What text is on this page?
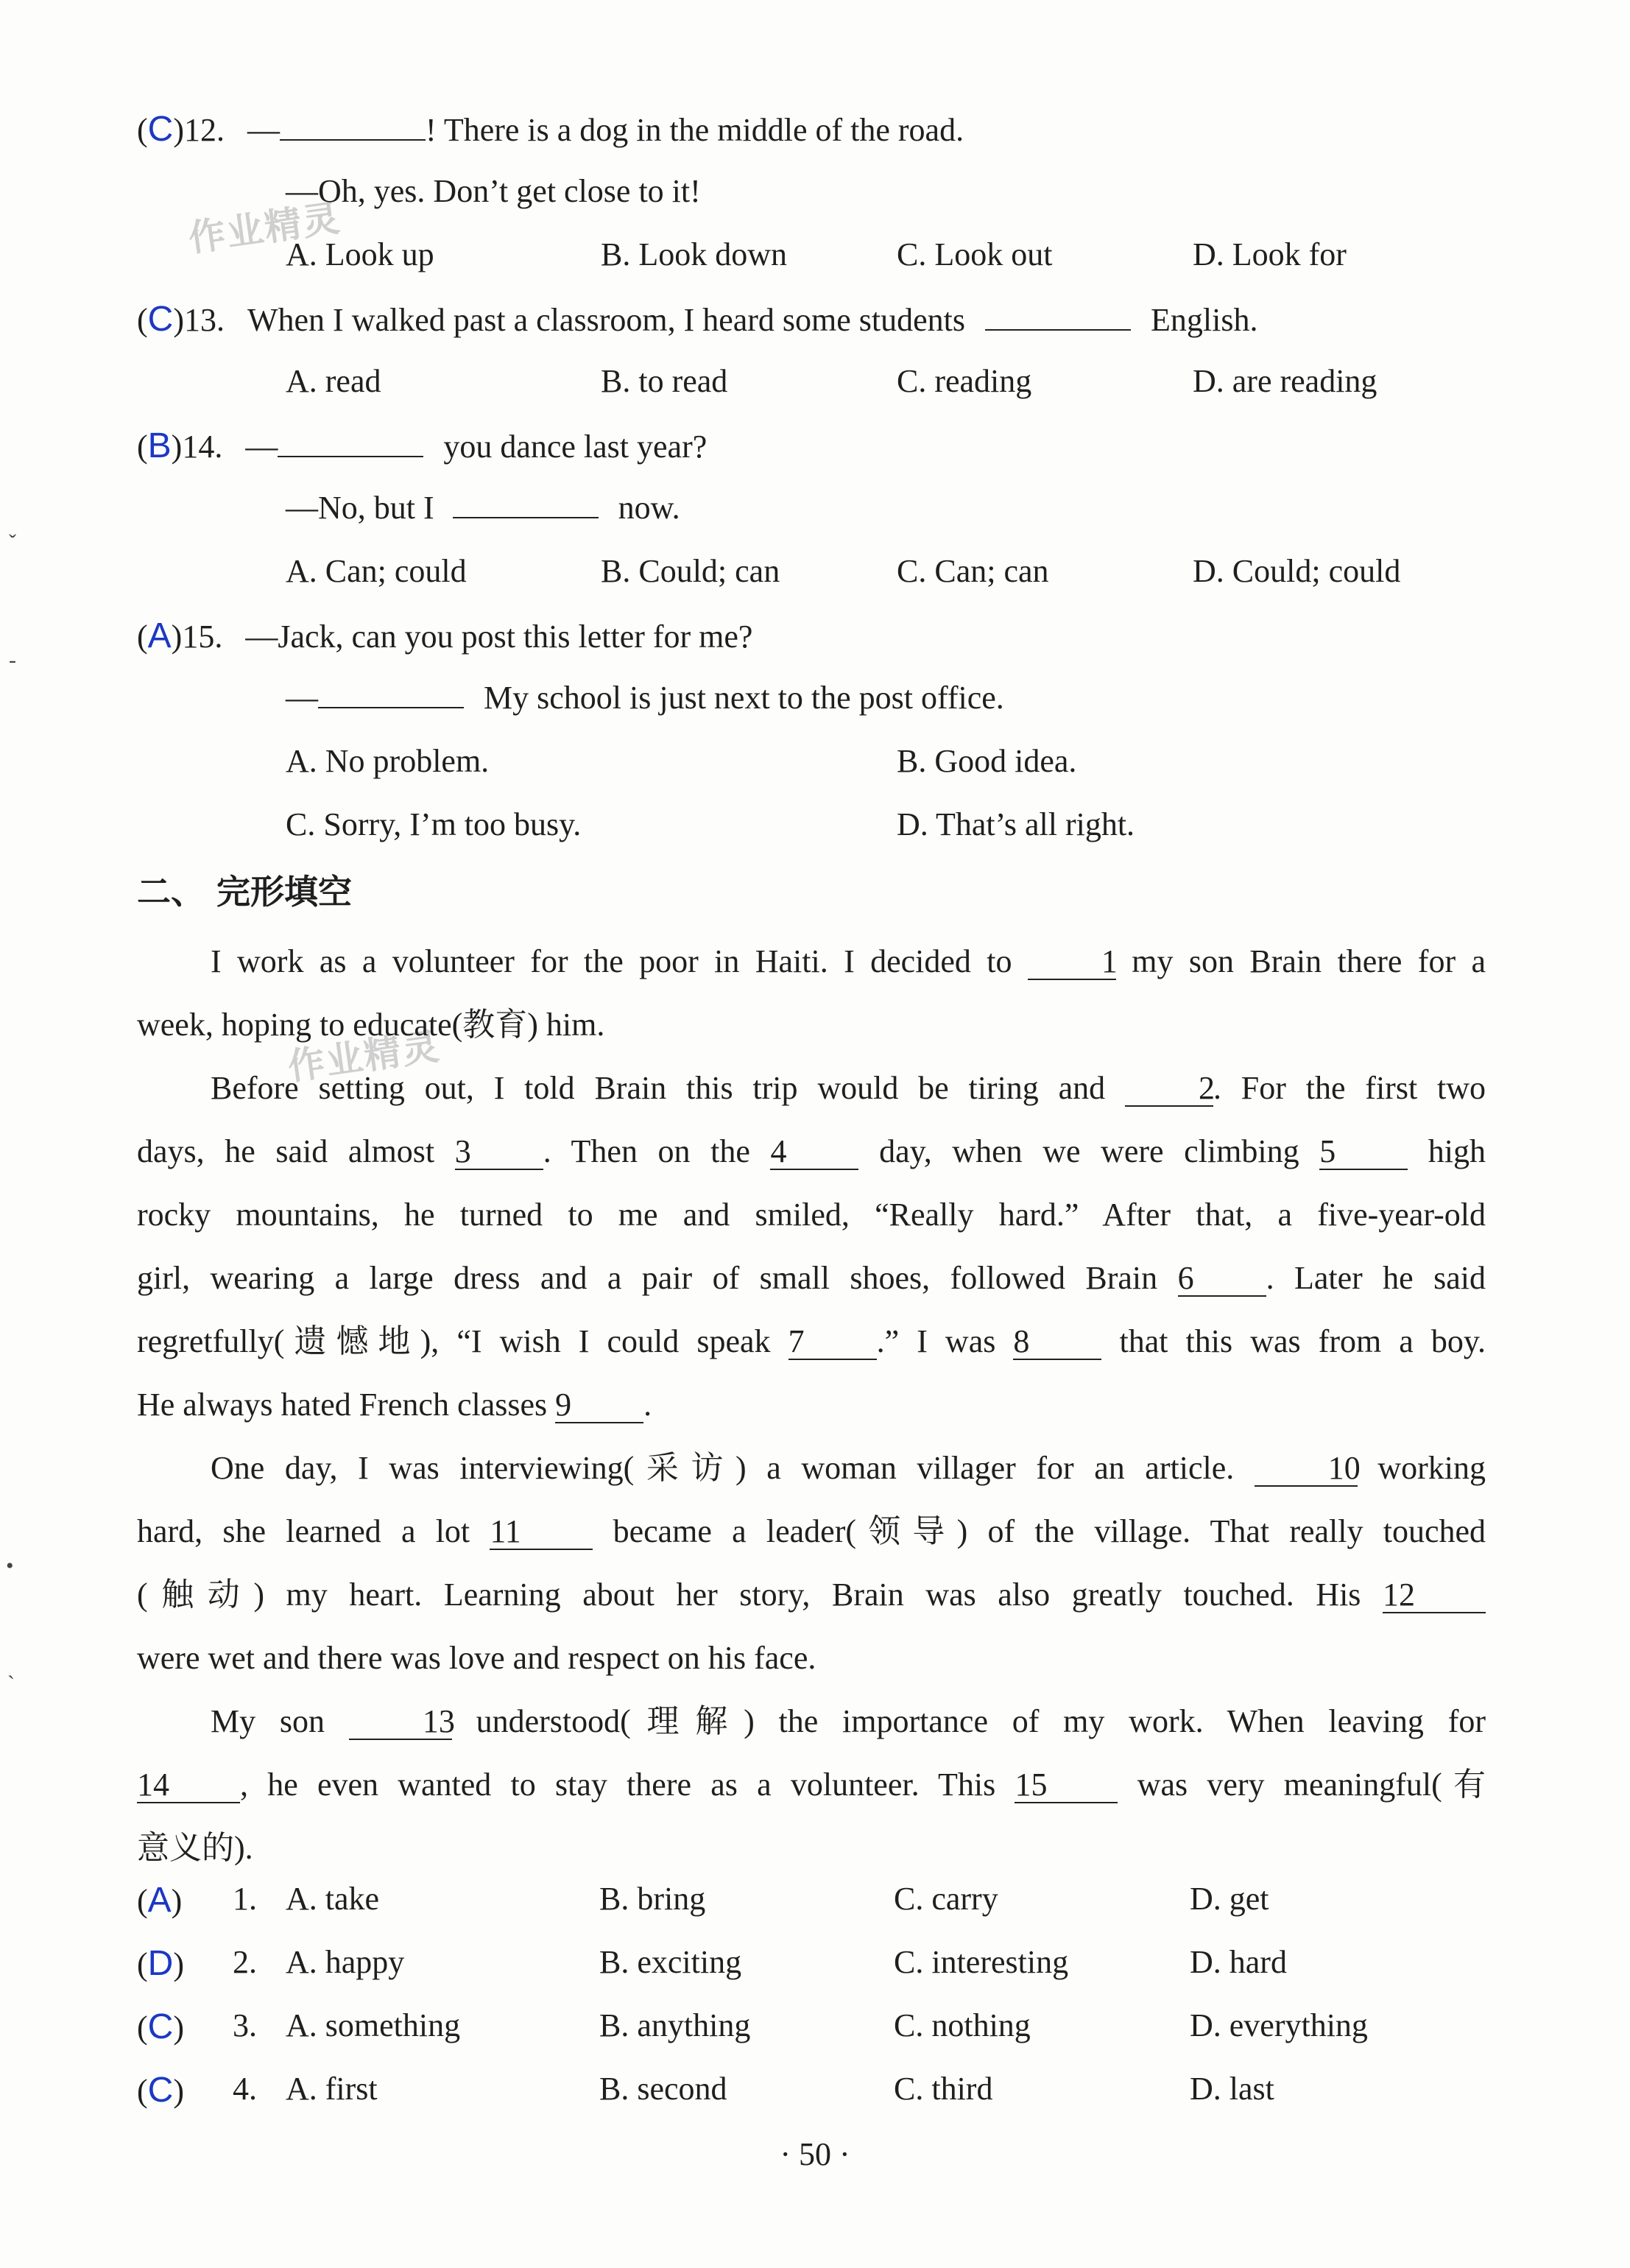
作业精灵
作业精灵
ˇ
-
•
ˋ
(C)12. —	! There is a dog in the middle of the road.
—Oh, yes. Don’t get close to it!
A. Look up	B. Look down	C. Look out	D. Look for
(C)13. When I walked past a classroom, I heard some students	English.
A. read	B. to read	C. reading	D. are reading
(B)14. —	you dance last year?
—No, but I	now.
A. Can; could	B. Could; can	C. Can; can	D. Could; could
(A)15. —Jack, can you post this letter for me?
—	My school is just next to the post office.
A. No problem.	B. Good idea.
C. Sorry, I’m too busy.	D. That’s all right.
二、 完形填空
I work as a volunteer for the poor in Haiti. I decided to	1 my son Brain there for a
week, hoping to educate(教育) him.
Before setting out, I told Brain this trip would be tiring and	2. For the first two
days, he said almost 3 . Then on the 4	day, when we were climbing 5	high
rocky mountains, he turned to me and smiled, “Really hard.” After that, a five-year-old
girl, wearing a large dress and a pair of small shoes, followed Brain 6 . Later he said
regretfully(遗憾地), “I wish I could speak 7 .” I was 8	that this was from a boy.
He always hated French classes 9 .
One day, I was interviewing(采访) a woman villager for an article.	10 working
hard, she learned a lot 11	became a leader(领导) of the village. That really touched
(触动) my heart. Learning about her story, Brain was also greatly touched. His 12
were wet and there was love and respect on his face.
My son	13 understood(理解) the importance of my work. When leaving for
14 , he even wanted to stay there as a volunteer. This 15	was very meaningful(有
意义的).
(A) 1. A. take	B. bring	C. carry	D. get
(D) 2. A. happy	B. exciting	C. interesting	D. hard
(C) 3. A. something	B. anything	C. nothing	D. everything
(C) 4. A. first	B. second	C. third	D. last
· 50 ·
